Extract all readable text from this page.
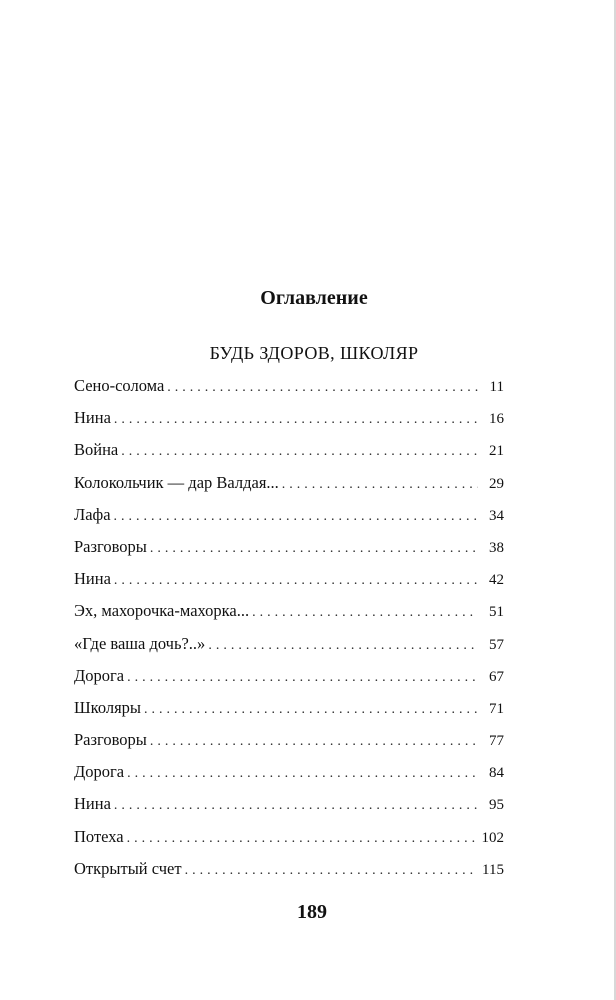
Оглавление
БУДЬ ЗДОРОВ, ШКОЛЯР
Сено-солома . . .	11
Нина . . .	16
Война . . .	21
Колокольчик — дар Валдая... . . .	29
Лафа . . .	34
Разговоры . . .	38
Нина . . .	42
Эх, махорочка-махорка... . . .	51
«Где ваша дочь?..» . . .	57
Дорога . . .	67
Школяры . . .	71
Разговоры . . .	77
Дорога . . .	84
Нина . . .	95
Потеха . . .	102
Открытый счет . . .	115
189
